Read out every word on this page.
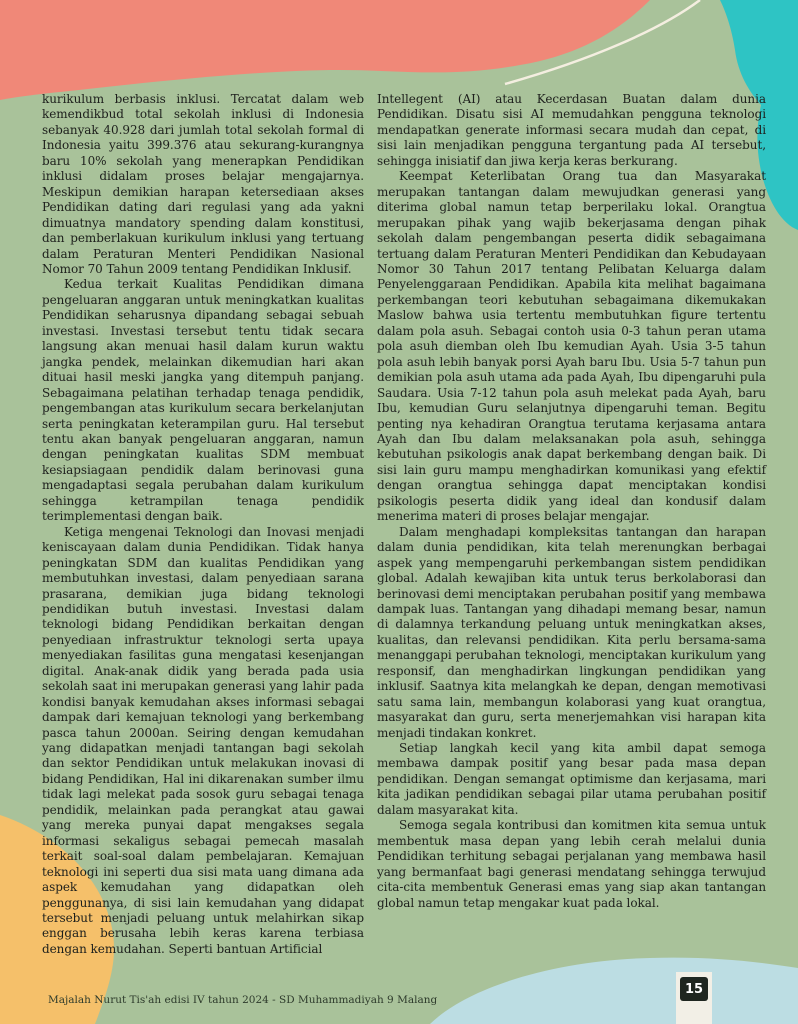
kurikulum berbasis inklusi. Tercatat dalam web kemendikbud total sekolah inklusi di Indonesia sebanyak 40.928 dari jumlah total sekolah formal di Indonesia yaitu 399.376 atau sekurang-kurangnya baru 10% sekolah yang menerapkan Pendidikan inklusi didalam proses belajar mengajarnya. Meskipun demikian harapan ketersediaan akses Pendidikan dating dari regulasi yang ada yakni dimuatnya mandatory spending dalam konstitusi, dan pemberlakuan kurikulum inklusi yang tertuang dalam Peraturan Menteri Pendidikan Nasional Nomor 70 Tahun 2009 tentang Pendidikan Inklusif.

Kedua terkait Kualitas Pendidikan dimana pengeluaran anggaran untuk meningkatkan kualitas Pendidikan seharusnya dipandang sebagai sebuah investasi. Investasi tersebut tentu tidak secara langsung akan menuai hasil dalam kurun waktu jangka pendek, melainkan dikemudian hari akan dituai hasil meski jangka yang ditempuh panjang. Sebagaimana pelatihan terhadap tenaga pendidik, pengembangan atas kurikulum secara berkelanjutan serta peningkatan keterampilan guru. Hal tersebut tentu akan banyak pengeluaran anggaran, namun dengan peningkatan kualitas SDM membuat kesiapsiagaan pendidik dalam berinovasi guna mengadaptasi segala perubahan dalam kurikulum sehingga ketrampilan tenaga pendidik terimplementasi dengan baik.

Ketiga mengenai Teknologi dan Inovasi menjadi keniscayaan dalam dunia Pendidikan. Tidak hanya peningkatan SDM dan kualitas Pendidikan yang membutuhkan investasi, dalam penyediaan sarana prasarana, demikian juga bidang teknologi pendidikan butuh investasi. Investasi dalam teknologi bidang Pendidikan berkaitan dengan penyediaan infrastruktur teknologi serta upaya menyediakan fasilitas guna mengatasi kesenjangan digital. Anak-anak didik yang berada pada usia sekolah saat ini merupakan generasi yang lahir pada kondisi banyak kemudahan akses informasi sebagai dampak dari kemajuan teknologi yang berkembang pasca tahun 2000an. Seiring dengan kemudahan yang didapatkan menjadi tantangan bagi sekolah dan sektor Pendidikan untuk melakukan inovasi di bidang Pendidikan, Hal ini dikarenakan sumber ilmu tidak lagi melekat pada sosok guru sebagai tenaga pendidik, melainkan pada perangkat atau gawai yang mereka punyai dapat mengakses segala informasi sekaligus sebagai pemecah masalah terkait soal-soal dalam pembelajaran. Kemajuan teknologi ini seperti dua sisi mata uang dimana ada aspek kemudahan yang didapatkan oleh penggunanya, di sisi lain kemudahan yang didapat tersebut menjadi peluang untuk melahirkan sikap enggan berusaha lebih keras karena terbiasa dengan kemudahan. Seperti bantuan Artificial

Intellegent (AI) atau Kecerdasan Buatan dalam dunia Pendidikan. Disatu sisi AI memudahkan pengguna teknologi mendapatkan generate informasi secara mudah dan cepat, di sisi lain menjadikan pengguna tergantung pada AI tersebut, sehingga inisiatif dan jiwa kerja keras berkurang.

Keempat Keterlibatan Orang tua dan Masyarakat merupakan tantangan dalam mewujudkan generasi yang diterima global namun tetap berperilaku lokal. Orangtua merupakan pihak yang wajib bekerjasama dengan pihak sekolah dalam pengembangan peserta didik sebagaimana tertuang dalam Peraturan Menteri Pendidikan dan Kebudayaan Nomor 30 Tahun 2017 tentang Pelibatan Keluarga dalam Penyelenggaraan Pendidikan. Apabila kita melihat bagaimana perkembangan teori kebutuhan sebagaimana dikemukakan Maslow bahwa usia tertentu membutuhkan figure tertentu dalam pola asuh. Sebagai contoh usia 0-3 tahun peran utama pola asuh diemban oleh Ibu kemudian Ayah. Usia 3-5 tahun pola asuh lebih banyak porsi Ayah baru Ibu. Usia 5-7 tahun pun demikian pola asuh utama ada pada Ayah, Ibu dipengaruhi pula Saudara. Usia 7-12 tahun pola asuh melekat pada Ayah, baru Ibu, kemudian Guru selanjutnya dipengaruhi teman. Begitu penting nya kehadiran Orangtua terutama kerjasama antara Ayah dan Ibu dalam melaksanakan pola asuh, sehingga kebutuhan psikologis anak dapat berkembang dengan baik. Di sisi lain guru mampu menghadirkan komunikasi yang efektif dengan orangtua sehingga dapat menciptakan kondisi psikologis peserta didik yang ideal dan kondusif dalam menerima materi di proses belajar mengajar.

Dalam menghadapi kompleksitas tantangan dan harapan dalam dunia pendidikan, kita telah merenungkan berbagai aspek yang mempengaruhi perkembangan sistem pendidikan global. Adalah kewajiban kita untuk terus berkolaborasi dan berinovasi demi menciptakan perubahan positif yang membawa dampak luas. Tantangan yang dihadapi memang besar, namun di dalamnya terkandung peluang untuk meningkatkan akses, kualitas, dan relevansi pendidikan. Kita perlu bersama-sama menanggapi perubahan teknologi, menciptakan kurikulum yang responsif, dan menghadirkan lingkungan pendidikan yang inklusif. Saatnya kita melangkah ke depan, dengan memotivasi satu sama lain, membangun kolaborasi yang kuat orangtua, masyarakat dan guru, serta menerjemahkan visi harapan kita menjadi tindakan konkret.

Setiap langkah kecil yang kita ambil dapat semoga membawa dampak positif yang besar pada masa depan pendidikan. Dengan semangat optimisme dan kerjasama, mari kita jadikan pendidikan sebagai pilar utama perubahan positif dalam masyarakat kita.

Semoga segala kontribusi dan komitmen kita semua untuk membentuk masa depan yang lebih cerah melalui dunia Pendidikan terhitung sebagai perjalanan yang membawa hasil yang bermanfaat bagi generasi mendatang sehingga terwujud cita-cita membentuk Generasi emas yang siap akan tantangan global namun tetap mengakar kuat pada lokal.

Majalah Nurut Tis'ah edisi IV tahun 2024 - SD Muhammadiyah 9 Malang
15
